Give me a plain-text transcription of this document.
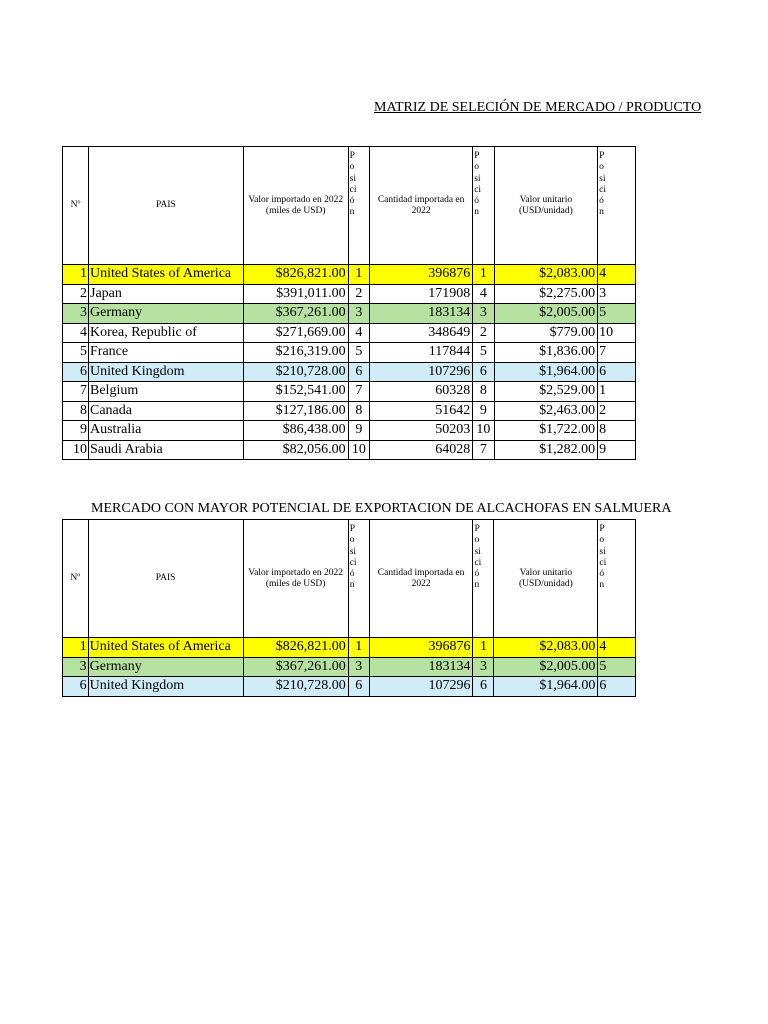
MATRIZ DE SELECIÓN DE MERCADO / PRODUCTO
Nº	PAIS	Valor importado en 2022 (miles de USD)	Posición	Cantidad importada en 2022	Posición	Valor unitario (USD/unidad)	Posición

1	United States of America	$826,821.00	1	396876	1	$2,083.00	4
2	Japan	$391,011.00	2	171908	4	$2,275.00	3
3	Germany	$367,261.00	3	183134	3	$2,005.00	5
4	Korea, Republic of	$271,669.00	4	348649	2	$779.00	10
5	France	$216,319.00	5	117844	5	$1,836.00	7
6	United Kingdom	$210,728.00	6	107296	6	$1,964.00	6
7	Belgium	$152,541.00	7	60328	8	$2,529.00	1
8	Canada	$127,186.00	8	51642	9	$2,463.00	2
9	Australia	$86,438.00	9	50203	10	$1,722.00	8
10	Saudi Arabia	$82,056.00	10	64028	7	$1,282.00	9
MERCADO CON MAYOR POTENCIAL DE EXPORTACION DE ALCACHOFAS EN SALMUERA
Nº	PAIS	Valor importado en 2022 (miles de USD)	Posición	Cantidad importada en 2022	Posición	Valor unitario (USD/unidad)	Posición

1	United States of America	$826,821.00	1	396876	1	$2,083.00	4
3	Germany	$367,261.00	3	183134	3	$2,005.00	5
6	United Kingdom	$210,728.00	6	107296	6	$1,964.00	6
